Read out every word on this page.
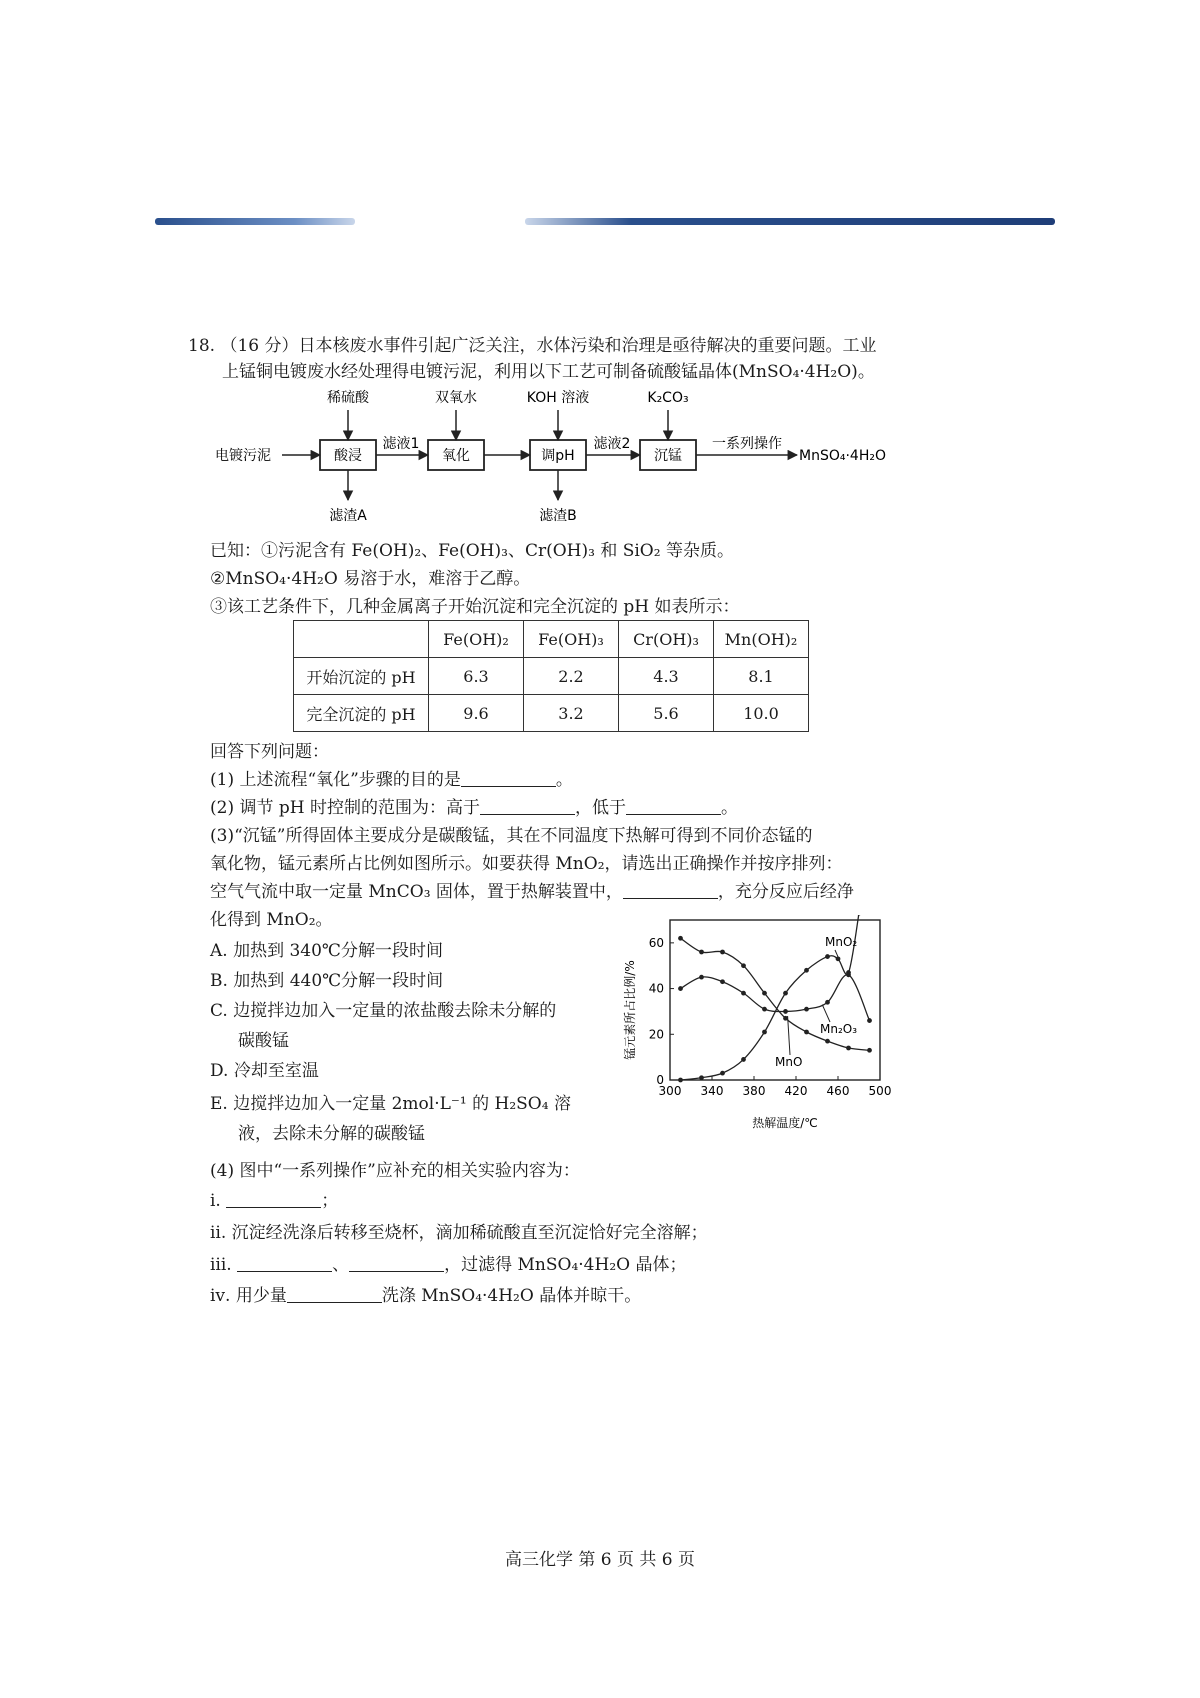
18. （16 分）日本核废水事件引起广泛关注，水体污染和治理是亟待解决的重要问题。工业
上锰铜电镀废水经处理得电镀污泥，利用以下工艺可制备硫酸锰晶体(MnSO₄·4H₂O)。
电镀污泥	酸浸
稀硫酸
滤渣A
滤液1
氧化
双氧水
调pH
KOH 溶液
滤渣B
滤液2
沉锰
K₂CO₃
一系列操作
MnSO₄·4H₂O
已知：①污泥含有 Fe(OH)₂、Fe(OH)₃、Cr(OH)₃ 和 SiO₂ 等杂质。
②MnSO₄·4H₂O 易溶于水，难溶于乙醇。
③该工艺条件下，几种金属离子开始沉淀和完全沉淀的 pH 如表所示：
	Fe(OH)₂	Fe(OH)₃	Cr(OH)₃	Mn(OH)₂
开始沉淀的 pH	6.3	2.2	4.3	8.1
完全沉淀的 pH	9.6	3.2	5.6	10.0
回答下列问题：
(1) 上述流程“氧化”步骤的目的是	。
(2) 调节 pH 时控制的范围为：高于	，低于	。
(3)“沉锰”所得固体主要成分是碳酸锰，其在不同温度下热解可得到不同价态锰的
氧化物，锰元素所占比例如图所示。如要获得 MnO₂，请选出正确操作并按序排列：
空气气流中取一定量 MnCO₃ 固体，置于热解装置中，	，充分反应后经净
化得到 MnO₂。
A. 加热到 340℃分解一段时间
B. 加热到 440℃分解一段时间
C. 边搅拌边加入一定量的浓盐酸去除未分解的
碳酸锰
D. 冷却至室温
E. 边搅拌边加入一定量 2mol·L⁻¹ 的 H₂SO₄ 溶
液，去除未分解的碳酸锰
300 340 380 420 460 500
0
20
40
60
热解温度/℃
锰元素所占比例/%
MnO₂
Mn₂O₃
MnO
(4) 图中“一系列操作”应补充的相关实验内容为：
ⅰ.	；
ⅱ. 沉淀经洗涤后转移至烧杯，滴加稀硫酸直至沉淀恰好完全溶解；
ⅲ.	、	，过滤得 MnSO₄·4H₂O 晶体；
ⅳ. 用少量	洗涤 MnSO₄·4H₂O 晶体并晾干。
高三化学 第 6 页 共 6 页
